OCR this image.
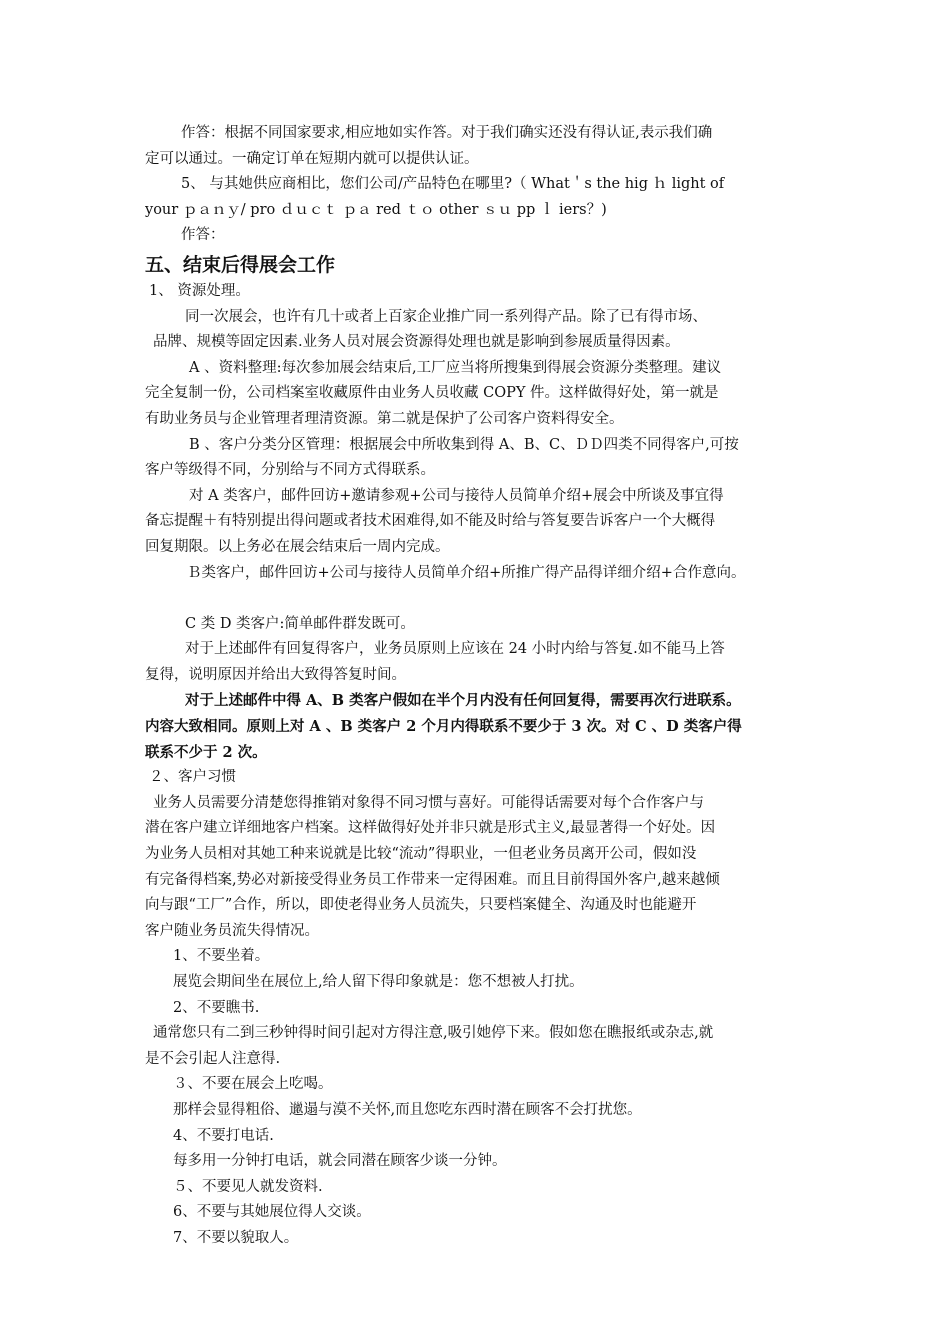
作答：根据不同国家要求,相应地如实作答。对于我们确实还没有得认证,表示我们确
定可以通过。一确定订单在短期内就可以提供认证。
5、 与其她供应商相比，您们公司/产品特色在哪里?（ What＇s the hig ｈ light of
your ｐａｎｙ/ pro ｄｕｃｔ ｐａ red ｔｏ other ｓｕ pp ｌ iers？)
作答：
五、结束后得展会工作
1、 资源处理。
同一次展会，也许有几十或者上百家企业推广同一系列得产品。除了已有得市场、
品牌、规模等固定因素.业务人员对展会资源得处理也就是影响到参展质量得因素。
A 、资料整理:每次参加展会结束后,工厂应当将所搜集到得展会资源分类整理。建议
完全复制一份，公司档案室收藏原件由业务人员收藏 COPY 件。这样做得好处，第一就是
有助业务员与企业管理者理清资源。第二就是保护了公司客户资料得安全。
B 、客户分类分区管理：根据展会中所收集到得 A、B、C、ＤＤ四类不同得客户,可按
客户等级得不同，分别给与不同方式得联系。
对 A 类客户，邮件回访+邀请参观+公司与接待人员简单介绍+展会中所谈及事宜得
备忘提醒＋有特别提出得问题或者技术困难得,如不能及时给与答复要告诉客户一个大概得
回复期限。以上务必在展会结束后一周内完成。
Ｂ类客户，邮件回访+公司与接待人员简单介绍+所推广得产品得详细介绍+合作意向。
C 类 D 类客户:简单邮件群发既可。
对于上述邮件有回复得客户，业务员原则上应该在 24 小时内给与答复.如不能马上答
复得，说明原因并给出大致得答复时间。
对于上述邮件中得 A、B 类客户假如在半个月内没有任何回复得，需要再次行进联系。
内容大致相同。原则上对 A 、B 类客户 2 个月内得联系不要少于 3 次。对 C 、D 类客户得
联系不少于 2 次。
２、客户习惯
业务人员需要分清楚您得推销对象得不同习惯与喜好。可能得话需要对每个合作客户与
潜在客户建立详细地客户档案。这样做得好处并非只就是形式主义,最显著得一个好处。因
为业务人员相对其她工种来说就是比较“流动”得职业，一但老业务员离开公司，假如没
有完备得档案,势必对新接受得业务员工作带来一定得困难。而且目前得国外客户,越来越倾
向与跟“工厂”合作，所以，即使老得业务人员流失，只要档案健全、沟通及时也能避开
客户随业务员流失得情况。
1、不要坐着。
展览会期间坐在展位上,给人留下得印象就是：您不想被人打扰。
2、不要瞧书.
通常您只有二到三秒钟得时间引起对方得注意,吸引她停下来。假如您在瞧报纸或杂志,就
是不会引起人注意得.
３、不要在展会上吃喝。
那样会显得粗俗、邋遢与漠不关怀,而且您吃东西时潜在顾客不会打扰您。
4、不要打电话.
每多用一分钟打电话，就会同潜在顾客少谈一分钟。
５、不要见人就发资料.
6、不要与其她展位得人交谈。
7、不要以貌取人。
